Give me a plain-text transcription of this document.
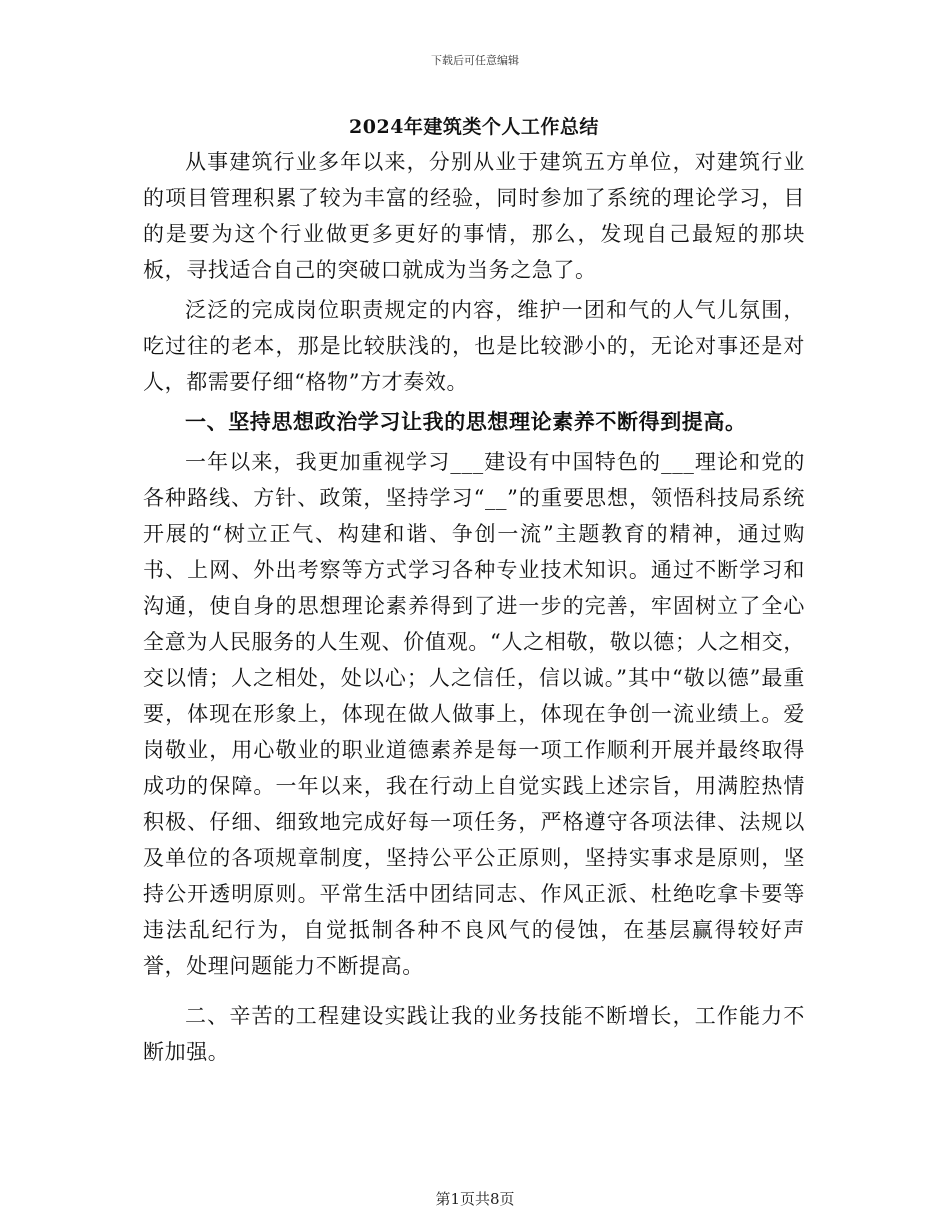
下载后可任意编辑
2024年建筑类个人工作总结

从事建筑行业多年以来，分别从业于建筑五方单位，对建筑行业的项目管理积累了较为丰富的经验，同时参加了系统的理论学习，目的是要为这个行业做更多更好的事情，那么，发现自己最短的那块板，寻找适合自己的突破口就成为当务之急了。

泛泛的完成岗位职责规定的内容，维护一团和气的人气儿氛围，吃过往的老本，那是比较肤浅的，也是比较渺小的，无论对事还是对人，都需要仔细“格物”方才奏效。

一、坚持思想政治学习让我的思想理论素养不断得到提高。

一年以来，我更加重视学习___建设有中国特色的___理论和党的各种路线、方针、政策，坚持学习“__”的重要思想，领悟科技局系统开展的“树立正气、构建和谐、争创一流”主题教育的精神，通过购书、上网、外出考察等方式学习各种专业技术知识。通过不断学习和沟通，使自身的思想理论素养得到了进一步的完善，牢固树立了全心全意为人民服务的人生观、价值观。“人之相敬，敬以德；人之相交，交以情；人之相处，处以心；人之信任，信以诚。”其中“敬以德”最重要，体现在形象上，体现在做人做事上，体现在争创一流业绩上。爱岗敬业，用心敬业的职业道德素养是每一项工作顺利开展并最终取得成功的保障。一年以来，我在行动上自觉实践上述宗旨，用满腔热情积极、仔细、细致地完成好每一项任务，严格遵守各项法律、法规以及单位的各项规章制度，坚持公平公正原则，坚持实事求是原则，坚持公开透明原则。平常生活中团结同志、作风正派、杜绝吃拿卡要等违法乱纪行为，自觉抵制各种不良风气的侵蚀，在基层赢得较好声誉，处理问题能力不断提高。

二、辛苦的工程建设实践让我的业务技能不断增长，工作能力不断加强。

第1页共8页
